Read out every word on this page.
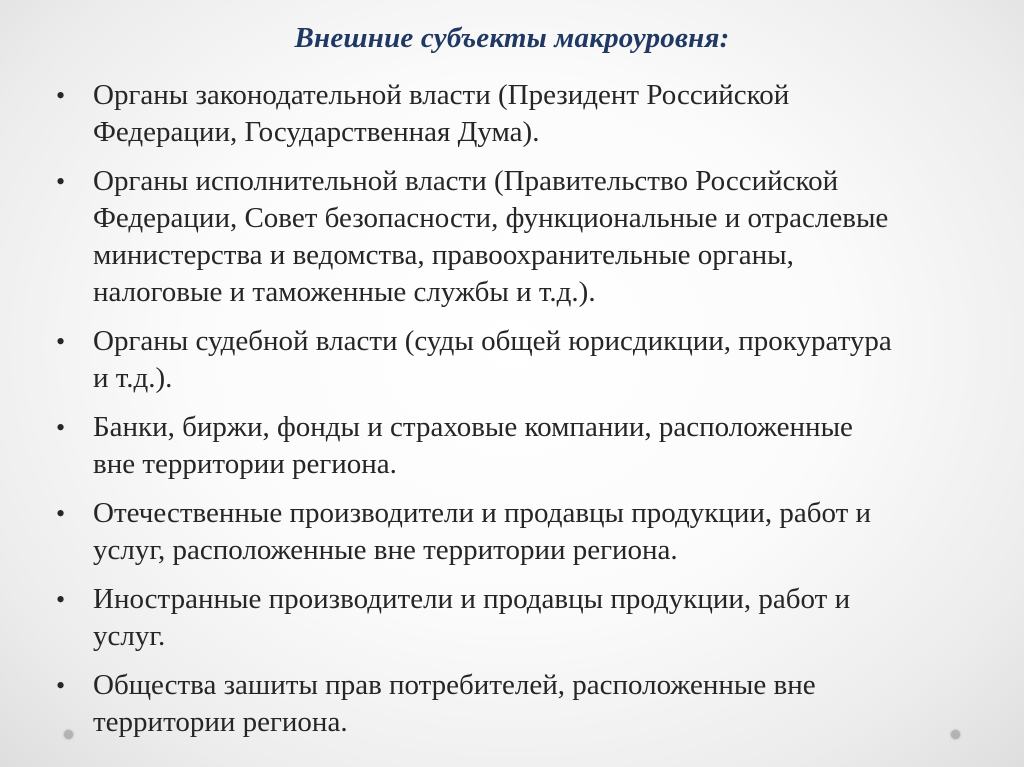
Внешние субъекты макроуровня:
• Органы законодательной власти (Президент Российской
Федерации, Государственная Дума).
• Органы исполнительной власти (Правительство Российской
Федерации, Совет безопасности, функциональные и отраслевые
министерства и ведомства, правоохранительные органы,
налоговые и таможенные службы и т.д.).
• Органы судебной власти (суды общей юрисдикции, прокуратура
и т.д.).
• Банки, биржи, фонды и страховые компании, расположенные
вне территории региона.
• Отечественные производители и продавцы продукции, работ и
услуг, расположенные вне территории региона.
• Иностранные производители и продавцы продукции, работ и
услуг.
• Общества зашиты прав потребителей, расположенные вне
территории региона.
